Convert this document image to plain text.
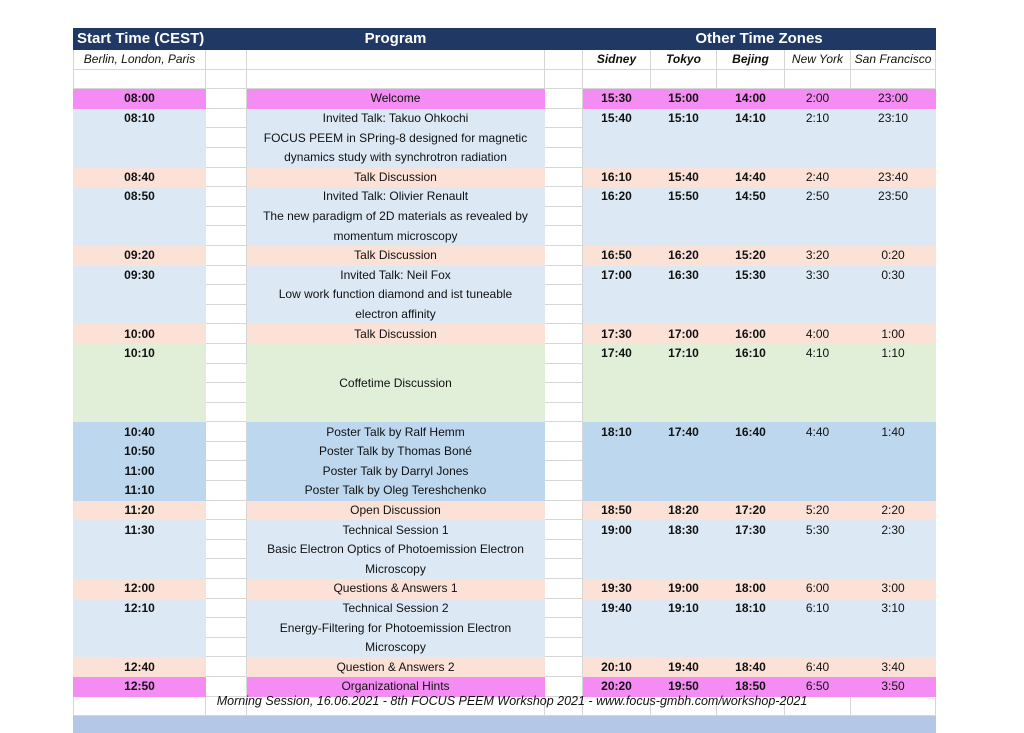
Start Time (CEST)		Program		Other Time Zones				
Berlin, London, Paris				Sidney	Tokyo	Bejing	New York	San Francisco

08:00		Welcome		15:30	15:00	14:00	2:00	23:00
08:10		Invited Talk: Takuo Ohkochi		15:40	15:10	14:10	2:10	23:10
		FOCUS PEEM in SPring-8 designed for magnetic						
		dynamics study with synchrotron radiation						
08:40		Talk Discussion		16:10	15:40	14:40	2:40	23:40
08:50		Invited Talk: Olivier Renault		16:20	15:50	14:50	2:50	23:50
		The new paradigm of 2D materials as revealed by						
		momentum microscopy						
09:20		Talk Discussion		16:50	16:20	15:20	3:20	0:20
09:30		Invited Talk: Neil Fox		17:00	16:30	15:30	3:30	0:30
		Low work function diamond and ist tuneable						
		electron affinity						
10:00		Talk Discussion		17:30	17:00	16:00	4:00	1:00
10:10		Coffetime Discussion		17:40	17:10	16:10	4:10	1:10

10:40		Poster Talk by Ralf Hemm		18:10	17:40	16:40	4:40	1:40
10:50		Poster Talk by Thomas Boné						
11:00		Poster Talk by Darryl Jones						
11:10		Poster Talk by Oleg Tereshchenko						
11:20		Open Discussion		18:50	18:20	17:20	5:20	2:20
11:30		Technical Session 1		19:00	18:30	17:30	5:30	2:30
		Basic Electron Optics of Photoemission Electron						
		Microscopy						
12:00		Questions & Answers 1		19:30	19:00	18:00	6:00	3:00
12:10		Technical Session 2		19:40	19:10	18:10	6:10	3:10
		Energy-Filtering for Photoemission Electron						
		Microscopy						
12:40		Question & Answers 2		20:10	19:40	18:40	6:40	3:40
12:50		Organizational Hints		20:20	19:50	18:50	6:50	3:50

Morning Session, 16.06.2021 - 8th FOCUS PEEM Workshop 2021 - www.focus-gmbh.com/workshop-2021
